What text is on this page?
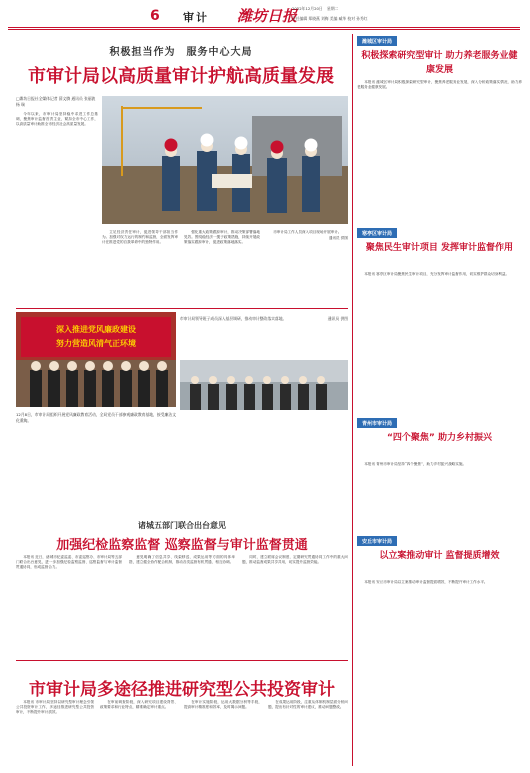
6 审计 潍坊日报
2022年12月20日 星期二
责任编辑 郑晓燕 刘梅 美编 臧华 校对 孙秀红
积极担当作为　服务中心大局
市审计局以高质量审计护航高质量发展
□潍坊日报社全媒体记者 薛文腾 通讯员 张丽波 杨 瑞

今年以来，市审计局坚持稳中求进工作总基调，聚焦审计监督首责主业，紧扣全市中心工作，以高质量审计助推全市经济社会高质量发展。

立足经济责任审计，促进领导干部担当作为。加强对权力运行的制约和监督，全面发挥审计在推进党的自我革命中的独特作用。

强化重大政策跟踪审计，推动决策部署落地见效。围绕稳经济一揽子政策措施，持续开展政策落实跟踪审计，促进政策落地落实。

市审计局工作人员深入项目现场开展审计。

通讯员 供图

深入推进党风廉政建设
努力营造风清气正环境
市审计局领导班子成员深入基层调研，推动审计整改落实落地。	通讯员 供图
12月8日，市审计局组织开展党风廉政教育活动，全局党员干部参观廉政教育基地，接受廉洁文化熏陶。
诸城五部门联合出台意见
加强纪检监察监督 巡察监督与审计监督贯通

本报讯 近日，诸城市纪委监委、市委巡察办、市审计局等五部门联合出台意见，进一步加强纪检监察监督、巡察监督与审计监督贯通协同，形成监督合力。

意见明确了信息共享、线索移送、成果运用等方面的具体举措，建立健全协作配合机制，推动各类监督有机贯通、相互协调。

同时，建立联席会议制度，定期研究贯通协同工作中的重大问题，推动监督成果共享共用，切实提升监督效能。

市审计局多途径推进研究型公共投资审计

本报讯 市审计局坚持以研究型审计理念引领公共投资审计工作，多途径推进研究型公共投资审计，不断提升审计质效。

在审前调查阶段，深入研究项目建设背景、政策要求和行业特点，精准确定审计重点。

在审计实施阶段，运用大数据分析等手段，提高审计精准度和效率，及时揭示问题。

在成果运用阶段，注重从体制机制层面分析问题，提出有针对性的审计建议，推动问题整改。

潍城区审计局
积极探索研究型审计 助力养老服务业健康发展

本报讯 潍城区审计局积极探索研究型审计，聚焦养老服务业发展，深入分析政策落实情况，助力养老服务业健康发展。

寒亭区审计局
聚焦民生审计项目 发挥审计监督作用

本报讯 寒亭区审计局聚焦民生审计项目，充分发挥审计监督作用，切实维护群众切身利益。

青州市审计局
“四个聚焦” 助力乡村振兴

本报讯 青州市审计局坚持“四个聚焦”，助力乡村振兴战略实施。

安丘市审计局
以立案推动审计 监督提质增效

本报讯 安丘市审计局以立案推动审计监督提质增效，不断提升审计工作水平。
